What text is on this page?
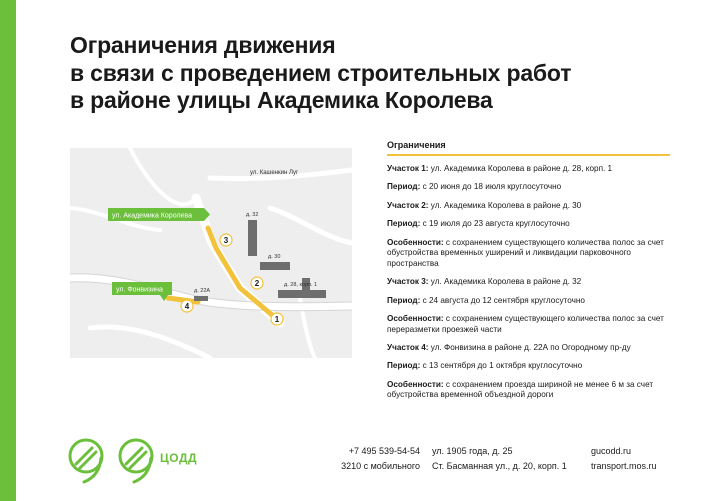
Ограничения движения
в связи с проведением строительных работ
в районе улицы Академика Королева
д. 32
д. 30
д. 28, корп. 1
д. 22А
ул. Кашенкин Луг
ул. Академика Королева
ул. Фонвизина
1
2
3
4
Ограничения
Участок 1: ул. Академика Королева в районе д. 28, корп. 1
Период: с 20 июня до 18 июля круглосуточно
Участок 2: ул. Академика Королева в районе д. 30
Период: с 19 июля до 23 августа круглосуточно
Особенности: с сохранением существующего количества полос за счет обустройства временных уширений и ликвидации парковочного пространства
Участок 3: ул. Академика Королева в районе д. 32
Период: с 24 августа до 12 сентября круглосуточно
Особенности: с сохранением существующего количества полос за счет переразметки проезжей части
Участок 4: ул. Фонвизина в районе д. 22А по Огородному пр-ду
Период: с 13 сентября до 1 октября круглосуточно
Особенности: с сохранением проезда шириной не менее 6 м за счет обустройства временной объездной дороги
ЦОДД	+7 495 539-54-54
3210 с мобильного
ул. 1905 года, д. 25
Ст. Басманная ул., д. 20, корп. 1
gucodd.ru
transport.mos.ru
